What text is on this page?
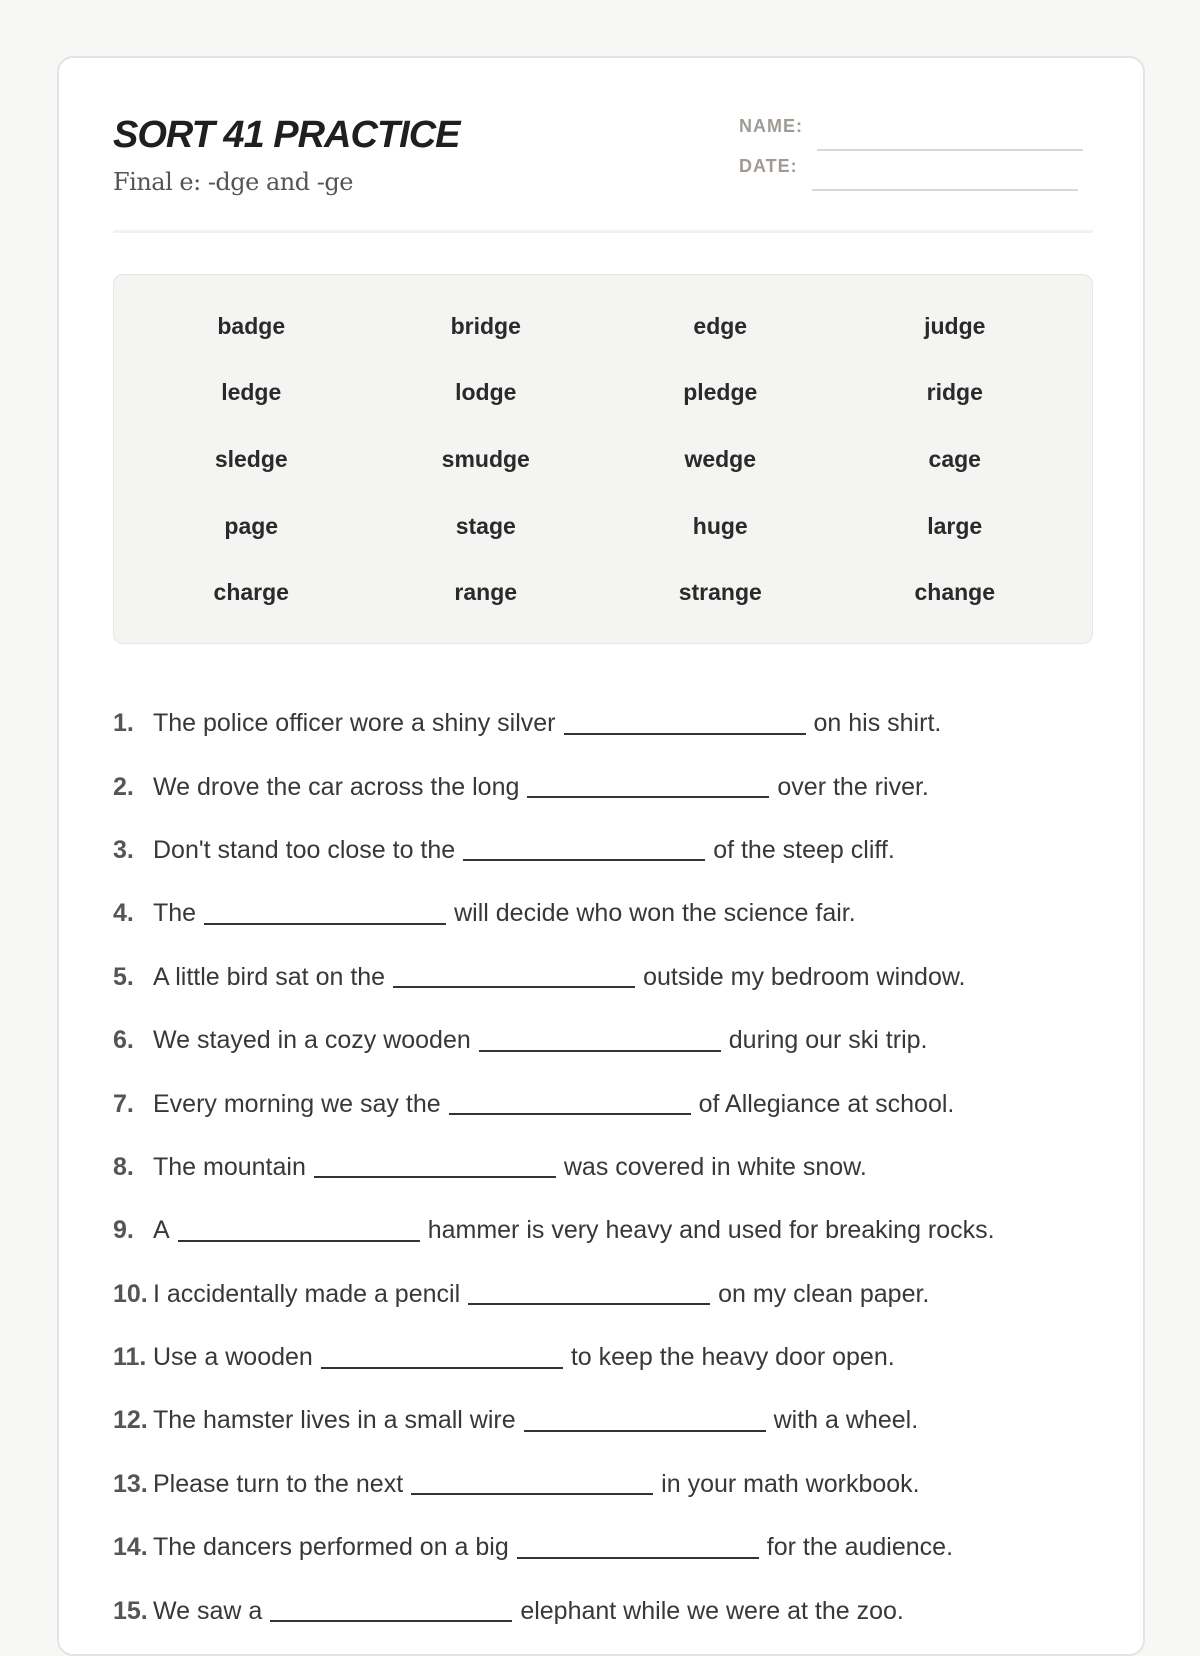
SORT 41 PRACTICE
Final e: -dge and -ge
NAME:
DATE:
badge	bridge	edge	judge
ledge	lodge	pledge	ridge
sledge	smudge	wedge	cage
page	stage	huge	large
charge	range	strange	change
1. The police officer wore a shiny silver	on his shirt.
2. We drove the car across the long	over the river.
3. Don't stand too close to the	of the steep cliff.
4. The	will decide who won the science fair.
5. A little bird sat on the	outside my bedroom window.
6. We stayed in a cozy wooden	during our ski trip.
7. Every morning we say the	of Allegiance at school.
8. The mountain	was covered in white snow.
9. A	hammer is very heavy and used for breaking rocks.
10. I accidentally made a pencil	on my clean paper.
11. Use a wooden	to keep the heavy door open.
12. The hamster lives in a small wire	with a wheel.
13. Please turn to the next	in your math workbook.
14. The dancers performed on a big	for the audience.
15. We saw a	elephant while we were at the zoo.
